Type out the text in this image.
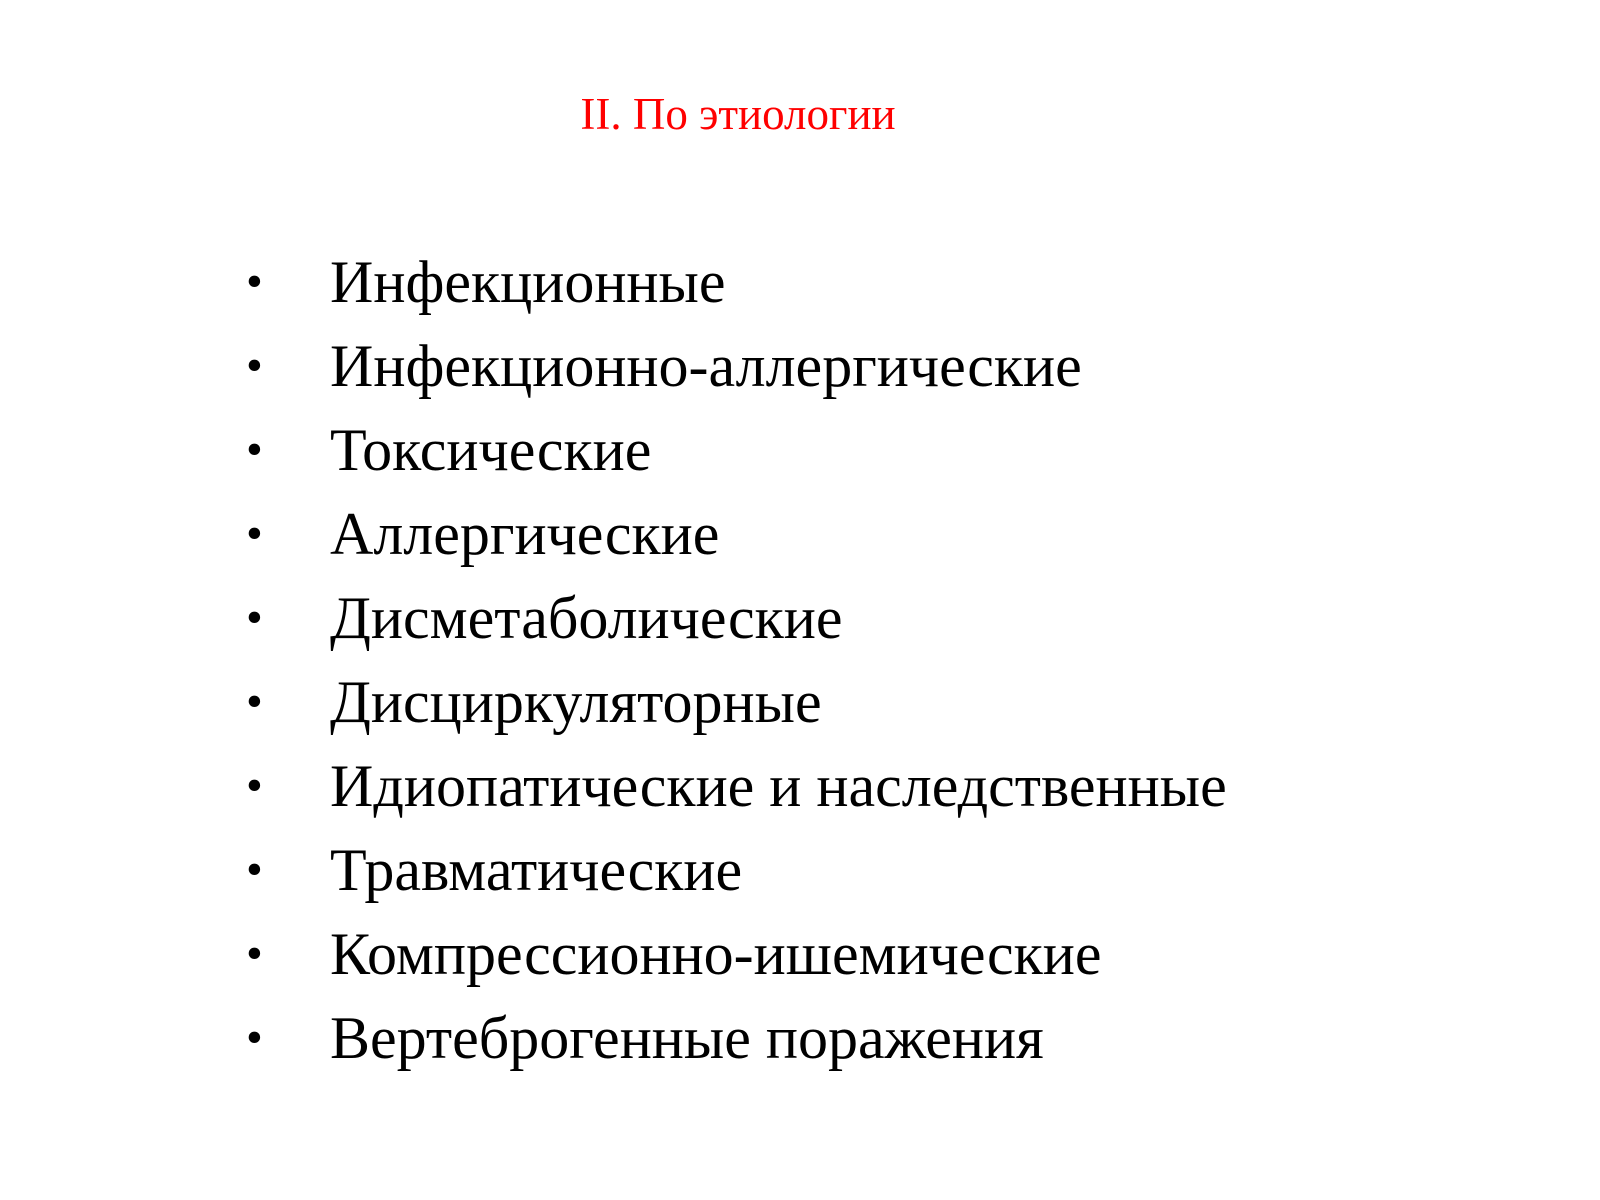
II. По этиологии
• Инфекционные
• Инфекционно-аллергические
• Токсические
• Аллергические
• Дисметаболические
• Дисциркуляторные
• Идиопатические и наследственные
• Травматические
• Компрессионно-ишемические
• Вертеброгенные поражения
